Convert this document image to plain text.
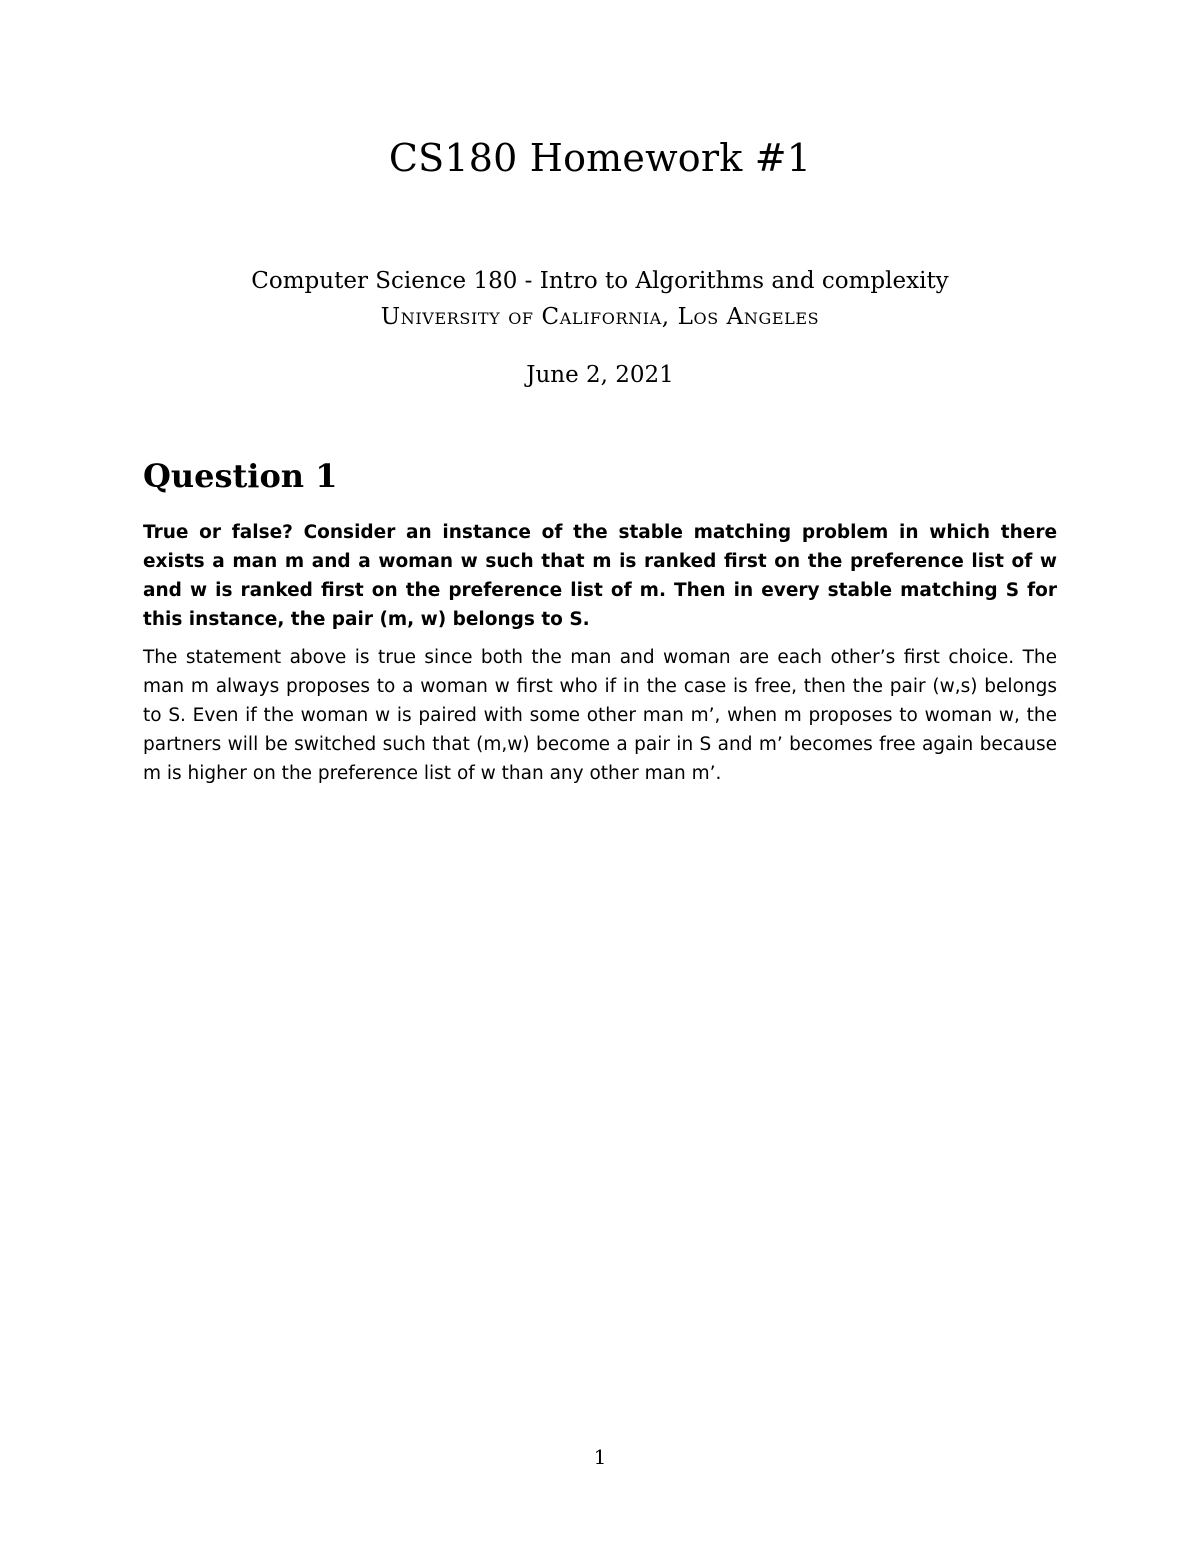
CS180 Homework #1
Computer Science 180 - Intro to Algorithms and complexity
University of California, Los Angeles
June 2, 2021
Question 1

True or false? Consider an instance of the stable matching problem in which there exists a man m and a woman w such that m is ranked first on the preference list of w and w is ranked first on the preference list of m. Then in every stable matching S for this instance, the pair (m, w) belongs to S.

The statement above is true since both the man and woman are each other’s first choice. The man m always proposes to a woman w first who if in the case is free, then the pair (w,s) belongs to S. Even if the woman w is paired with some other man m’, when m proposes to woman w, the partners will be switched such that (m,w) become a pair in S and m’ becomes free again because m is higher on the preference list of w than any other man m’.

1
